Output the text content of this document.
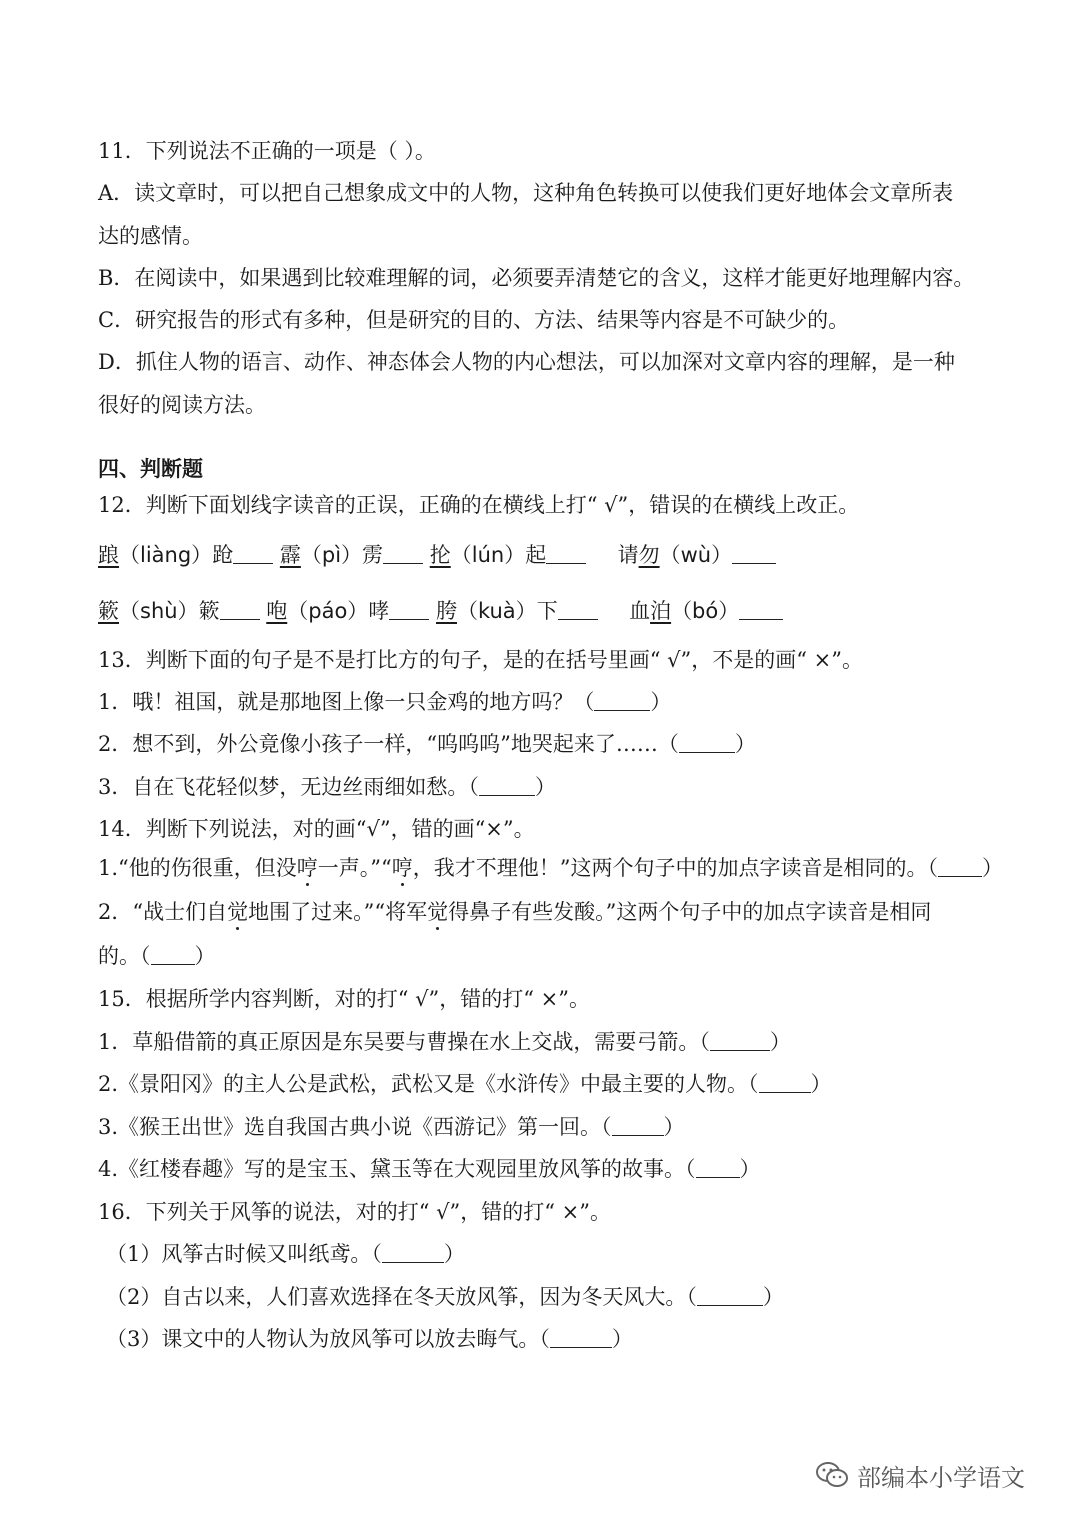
11．下列说法不正确的一项是（ ）。
A．读文章时，可以把自己想象成文中的人物，这种角色转换可以使我们更好地体会文章所表
达的感情。
B．在阅读中，如果遇到比较难理解的词，必须要弄清楚它的含义，这样才能更好地理解内容。
C．研究报告的形式有多种，但是研究的目的、方法、结果等内容是不可缺少的。
D．抓住人物的语言、动作、神态体会人物的内心想法，可以加深对文章内容的理解，是一种
很好的阅读方法。
四、判断题
12．判断下面划线字读音的正误，正确的在横线上打“ √”，错误的在横线上改正。
踉（liàng）跄 霹（pì）雳 抡（lún）起	请勿（wù）
簌（shù）簌 咆（páo）哮 胯（kuà）下	血泊（bó）
13．判断下面的句子是不是打比方的句子，是的在括号里画“ √”，不是的画“ ×”。
1．哦！祖国，就是那地图上像一只金鸡的地方吗？（	）
2．想不到，外公竟像小孩子一样，“呜呜呜”地哭起来了……（	）
3．自在飞花轻似梦，无边丝雨细如愁。（	）
14．判断下列说法，对的画“√”，错的画“×”。
1.“他的伤很重，但没哼一声。”“哼，我才不理他！”这两个句子中的加点字读音是相同的。（ ）
2．“战士们自觉地围了过来。”“将军觉得鼻子有些发酸。”这两个句子中的加点字读音是相同
的。（ ）
15．根据所学内容判断，对的打“ √”，错的打“ ×”。
1．草船借箭的真正原因是东吴要与曹操在水上交战，需要弓箭。（	）
2.《景阳冈》的主人公是武松，武松又是《水浒传》中最主要的人物。（ ）
3.《猴王出世》选自我国古典小说《西游记》第一回。（ ）
4.《红楼春趣》写的是宝玉、黛玉等在大观园里放风筝的故事。（ ）
16．下列关于风筝的说法，对的打“ √”，错的打“ ×”。
（1）风筝古时候又叫纸鸢。（	）
（2）自古以来，人们喜欢选择在冬天放风筝，因为冬天风大。（	）
（3）课文中的人物认为放风筝可以放去晦气。（	）
部编本小学语文
